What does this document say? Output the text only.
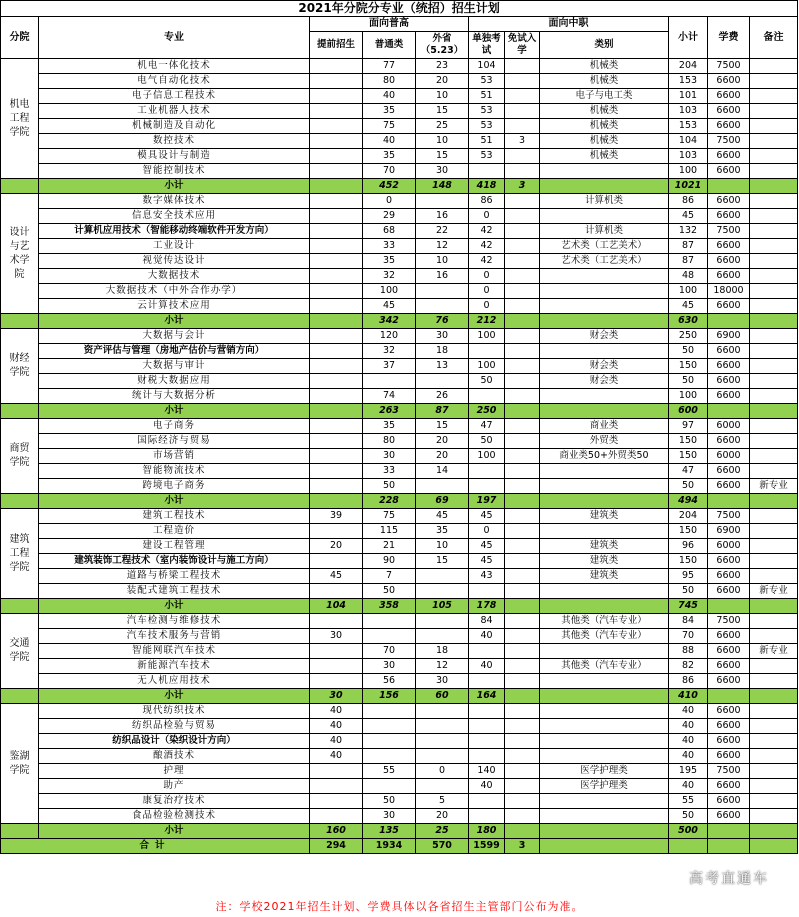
2021年分院分专业（统招）招生计划										
分院	专业	面向普高			面向中职			小计	学费	备注
		提前招生	普通类	外省
（5.23）	单独考试	免试入学	类别			
机电工程学院	机电一体化技术		77	23	104		机械类	204	7500	
	电气自动化技术		80	20	53		机械类	153	6600	
	电子信息工程技术		40	10	51		电子与电工类	101	6600	
	工业机器人技术		35	15	53		机械类	103	6600	
	机械制造及自动化		75	25	53		机械类	153	6600	
	数控技术		40	10	51	3	机械类	104	7500	
	模具设计与制造		35	15	53		机械类	103	6600	
	智能控制技术		70	30				100	6600	
	小计		452	148	418	3		1021		
设计与艺术学院	数字媒体技术		0		86		计算机类	86	6600	
	信息安全技术应用		29	16	0			45	6600	
	计算机应用技术（智能移动终端软件开发方向）		68	22	42		计算机类	132	7500	
	工业设计		33	12	42		艺术类（工艺美术）	87	6600	
	视觉传达设计		35	10	42		艺术类（工艺美术）	87	6600	
	大数据技术		32	16	0			48	6600	
	大数据技术（中外合作办学）		100		0			100	18000	
	云计算技术应用		45		0			45	6600	
	小计		342	76	212			630		
财经学院	大数据与会计		120	30	100		财会类	250	6900	
	资产评估与管理（房地产估价与营销方向）		32	18				50	6600	
	大数据与审计		37	13	100		财会类	150	6600	
	财税大数据应用				50		财会类	50	6600	
	统计与大数据分析		74	26				100	6600	
	小计		263	87	250			600		
商贸学院	电子商务		35	15	47		商业类	97	6000	
	国际经济与贸易		80	20	50		外贸类	150	6600	
	市场营销		30	20	100		商业类50+外贸类50	150	6000	
	智能物流技术		33	14				47	6600	
	跨境电子商务		50					50	6600	新专业
	小计		228	69	197			494		
建筑工程学院	建筑工程技术	39	75	45	45		建筑类	204	7500	
	工程造价		115	35	0			150	6900	
	建设工程管理	20	21	10	45		建筑类	96	6000	
	建筑装饰工程技术（室内装饰设计与施工方向）		90	15	45		建筑类	150	6600	
	道路与桥梁工程技术	45	7		43		建筑类	95	6600	
	装配式建筑工程技术		50					50	6600	新专业
	小计	104	358	105	178			745		
交通学院	汽车检测与维修技术				84		其他类（汽车专业）	84	7500	
	汽车技术服务与营销	30			40		其他类（汽车专业）	70	6600	
	智能网联汽车技术		70	18				88	6600	新专业
	新能源汽车技术		30	12	40		其他类（汽车专业）	82	6600	
	无人机应用技术		56	30				86	6600	
	小计	30	156	60	164			410		
鉴湖学院	现代纺织技术	40						40	6600	
	纺织品检验与贸易	40						40	6600	
	纺织品设计（染织设计方向）	40						40	6600	
	酿酒技术	40						40	6600	
	护理		55	0	140		医学护理类	195	7500	
	助产				40		医学护理类	40	6600	
	康复治疗技术		50	5				55	6600	
	食品检验检测技术		30	20				50	6600	
	小计	160	135	25	180			500		
合计		294	1934	570	1599	3				
注：学校2021年招生计划、学费具体以各省招生主管部门公布为准。
高考直通车
